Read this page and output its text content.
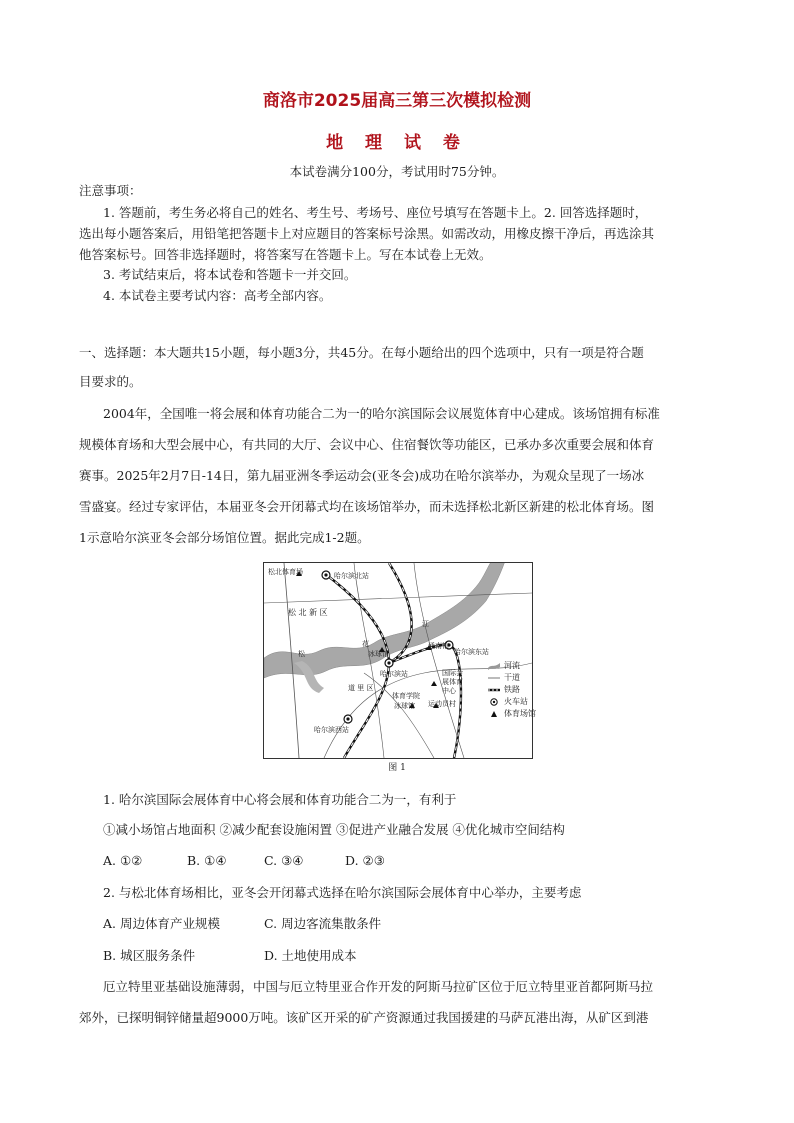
商洛市2025届高三第三次模拟检测
地 理 试 卷
本试卷满分100分，考试用时75分钟。
注意事项：
1. 答题前，考生务必将自己的姓名、考生号、考场号、座位号填写在答题卡上。2. 回答选择题时，
选出每小题答案后，用铅笔把答题卡上对应题目的答案标号涂黑。如需改动，用橡皮擦干净后，再选涂其
他答案标号。回答非选择题时，将答案写在答题卡上。写在本试卷上无效。
3. 考试结束后，将本试卷和答题卡一并交回。
4. 本试卷主要考试内容：高考全部内容。
一、选择题：本大题共15小题，每小题3分，共45分。在每小题给出的四个选项中，只有一项是符合题
目要求的。
2004年，全国唯一将会展和体育功能合二为一的哈尔滨国际会议展览体育中心建成。该场馆拥有标准
规模体育场和大型会展中心，有共同的大厅、会议中心、住宿餐饮等功能区，已承办多次重要会展和体育
赛事。2025年2月7日-14日，第九届亚洲冬季运动会(亚冬会)成功在哈尔滨举办，为观众呈现了一场冰
雪盛宴。经过专家评估，本届亚冬会开闭幕式均在该场馆举办，而未选择松北新区新建的松北体育场。图
1示意哈尔滨亚冬会部分场馆位置。据此完成1-2题。
松北体育场	哈尔滨北站
松 北 新 区
松
花
江
冰球馆
哈尔滨站
道 里 区
国际会展体育中心
体育学院
冰球馆 运动员村
哈尔滨东站
通南馆
哈尔滨西站
河流
干道
铁路
火车站
体育场馆
图 1
1. 哈尔滨国际会展体育中心将会展和体育功能合二为一，有利于
①减小场馆占地面积 ②减少配套设施闲置 ③促进产业融合发展 ④优化城市空间结构
A. ①②	B. ①④	C. ③④	D. ②③
2. 与松北体育场相比，亚冬会开闭幕式选择在哈尔滨国际会展体育中心举办，主要考虑
A. 周边体育产业规模	C. 周边客流集散条件
B. 城区服务条件	D. 土地使用成本
厄立特里亚基础设施薄弱，中国与厄立特里亚合作开发的阿斯马拉矿区位于厄立特里亚首都阿斯马拉
郊外，已探明铜锌储量超9000万吨。该矿区开采的矿产资源通过我国援建的马萨瓦港出海，从矿区到港
